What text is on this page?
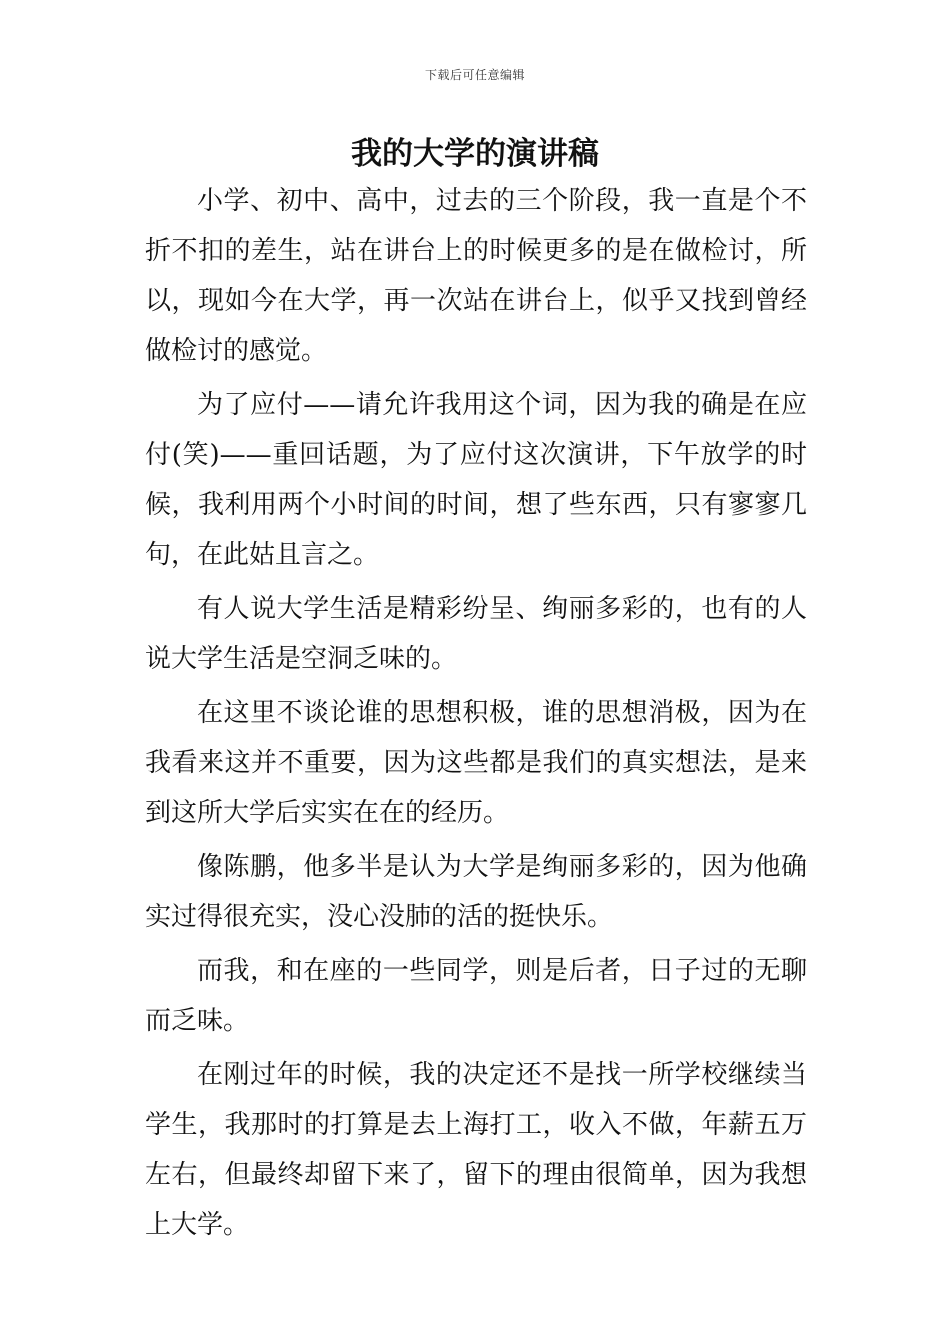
下载后可任意编辑
我的大学的演讲稿

小学、初中、高中，过去的三个阶段，我一直是个不折不扣的差生，站在讲台上的时候更多的是在做检讨，所以，现如今在大学，再一次站在讲台上，似乎又找到曾经做检讨的感觉。

为了应付——请允许我用这个词，因为我的确是在应付(笑)——重回话题，为了应付这次演讲，下午放学的时候，我利用两个小时间的时间，想了些东西，只有寥寥几句，在此姑且言之。

有人说大学生活是精彩纷呈、绚丽多彩的，也有的人说大学生活是空洞乏味的。

在这里不谈论谁的思想积极，谁的思想消极，因为在我看来这并不重要，因为这些都是我们的真实想法，是来到这所大学后实实在在的经历。

像陈鹏，他多半是认为大学是绚丽多彩的，因为他确实过得很充实，没心没肺的活的挺快乐。

而我，和在座的一些同学，则是后者，日子过的无聊而乏味。

在刚过年的时候，我的决定还不是找一所学校继续当学生，我那时的打算是去上海打工，收入不做，年薪五万左右，但最终却留下来了，留下的理由很简单，因为我想上大学。
